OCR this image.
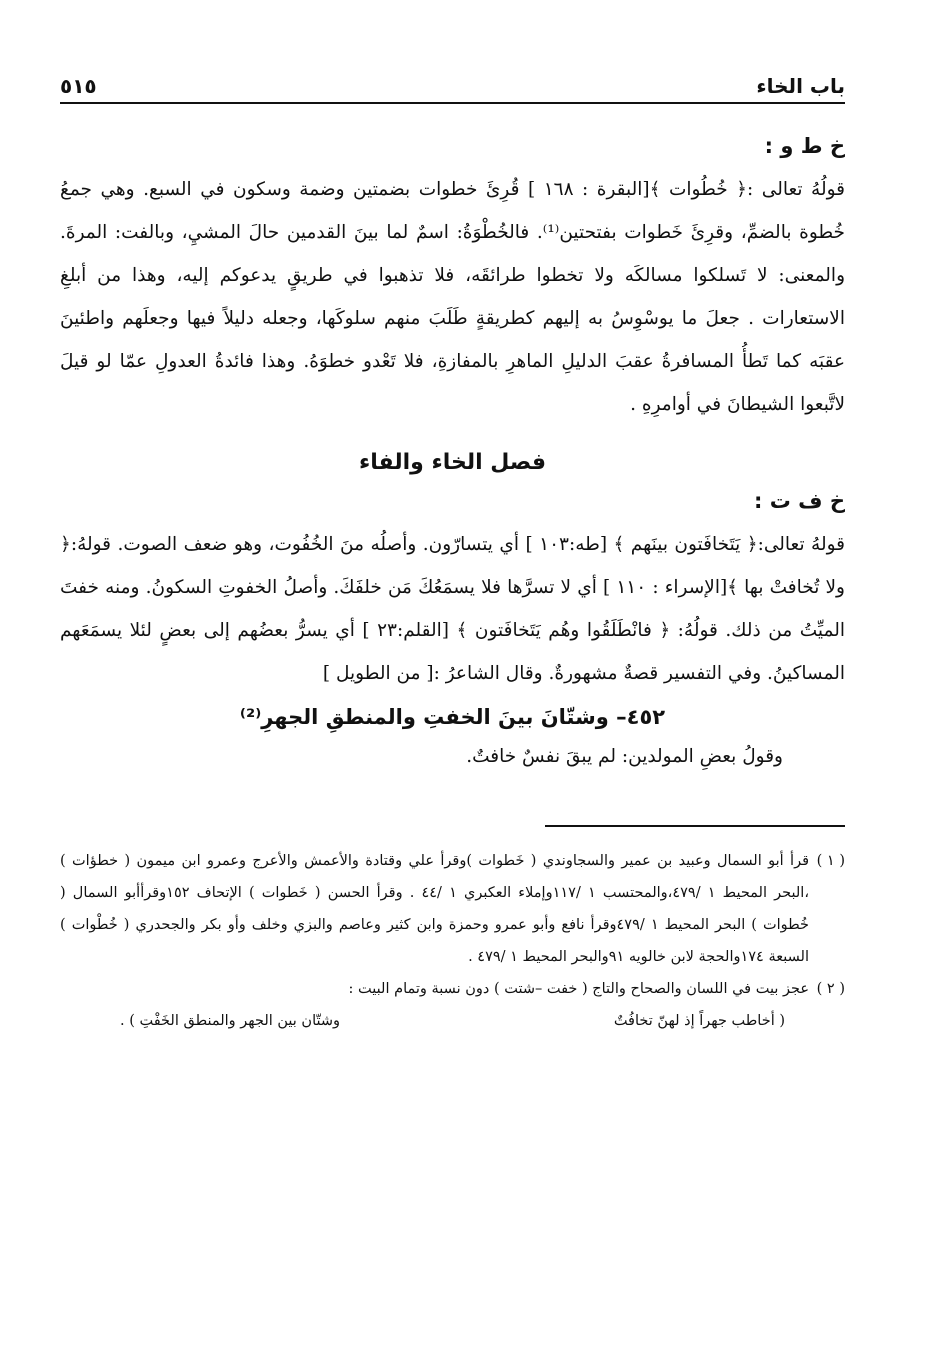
باب الخاء
٥١٥
خ ط و :

قولُهُ تعالى :﴿ خُطُوات ﴾[البقرة : ١٦٨ ] قُرِئَ خطوات بضمتين وضمة وسكون في السبع. وهي جمعُ خُطوة بالضمِّ، وقرِئَ خَطوات بفتحتين⁽¹⁾. فالخُطْوَةُ: اسمٌ لما بينَ القدمين حالَ المشيِ، وبالفت: المرةَ. والمعنى: لا تَسلكوا مسالكَه ولا تخطوا طرائقَه، فلا تذهبوا في طريقٍ يدعوكم إليه، وهذا من أبلغِ الاستعارات . جعلَ ما يوسْوِسُ به إليهم كطريقةٍ طَلَبَ منهم سلوكَها، وجعله دليلاً فيها وجعلَهم واطئينَ عقبَه كما تَطأُ المسافرةُ عقبَ الدليلِ الماهرِ بالمفازةِ، فلا تَعْدو خطوَهُ. وهذا فائدةُ العدولِ عمّا لو قيلَ لاتَّبعوا الشيطانَ في أوامرِهِ .

فصل الخاء والفاء
خ ف ت :

قولهُ تعالى:﴿ يَتَخافَتون بينَهم ﴾ [طه:١٠٣ ] أي يتسارّون. وأصلُه منَ الخُفُوت، وهو ضعف الصوت. قولهُ:﴿ ولا تُخافتْ بها ﴾[الإسراء : ١١٠ ] أي لا تسرَّها فلا يسمَعُكَ مَن خلفَكَ. وأصلُ الخفوتِ السكونُ. ومنه خفتَ الميِّتُ من ذلك. قولُهُ: ﴿ فانْطَلَقُوا وهُم يَتَخافَتون ﴾ [القلم:٢٣ ] أي يسرُّ بعضُهم إلى بعضٍ لئلا يسمَعَهم المساكينُ. وفي التفسير قصةٌ مشهورةٌ. وقال الشاعرُ :[ من الطويل ]

٤٥٢– وشتّانَ بينَ الخفتِ والمنطقِ الجهرِ⁽²⁾
وقولُ بعضِ المولدين: لم يبقَ نفسٌ خافتٌ.
( ١ )
قرأ أبو السمال وعبيد بن عمير والسجاوندي ( خَطوات )وقرأ علي وقتادة والأعمش والأعرج وعمرو ابن ميمون ( خطؤات ) ،البحر المحيط ١ /٤٧٩،والمحتسب ١ /١١٧وإملاء العكبري ١ /٤٤ . وقرأ الحسن ( خَطوات ) الإتحاف ١٥٢وقرأأبو السمال ( خُطوات ) البحر المحيط ١ /٤٧٩وقرأ نافع وأبو عمرو وحمزة وابن كثير وعاصم والبزي وخلف وأو بكر والجحدري ( خُطْوات ) السبعة ١٧٤والحجة لابن خالويه ٩١والبحر المحيط ١ /٤٧٩ .
( ٢ )
عجز بيت في اللسان والصحاح والتاج ( خفت –شتت ) دون نسبة وتمام البيت :
( أخاطب جهراً إذ لهنّ تخافُتٌ
وشتّان بين الجهر والمنطق الخَفْتِ ) .
